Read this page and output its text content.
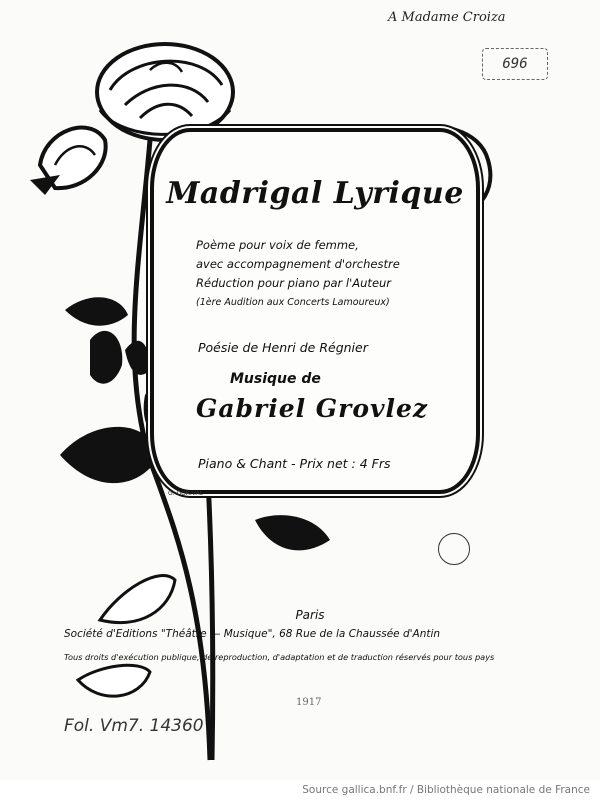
A Madame Croiza
696
Madrigal Lyrique
Poème pour voix de femme,
avec accompagnement d'orchestre
Réduction pour piano par l'Auteur
(1ère Audition aux Concerts Lamoureux)
Poésie de Henri de Régnier
Musique de
Gabriel Grovlez
Piano & Chant - Prix net : 4 Frs
G. DORIVAL
Paris
Société d'Editions "Théâtre — Musique", 68 Rue de la Chaussée d'Antin
Tous droits d'exécution publique, de reproduction, d'adaptation et de traduction réservés pour tous pays
1917
Fol. Vm7. 14360
Source gallica.bnf.fr / Bibliothèque nationale de France
